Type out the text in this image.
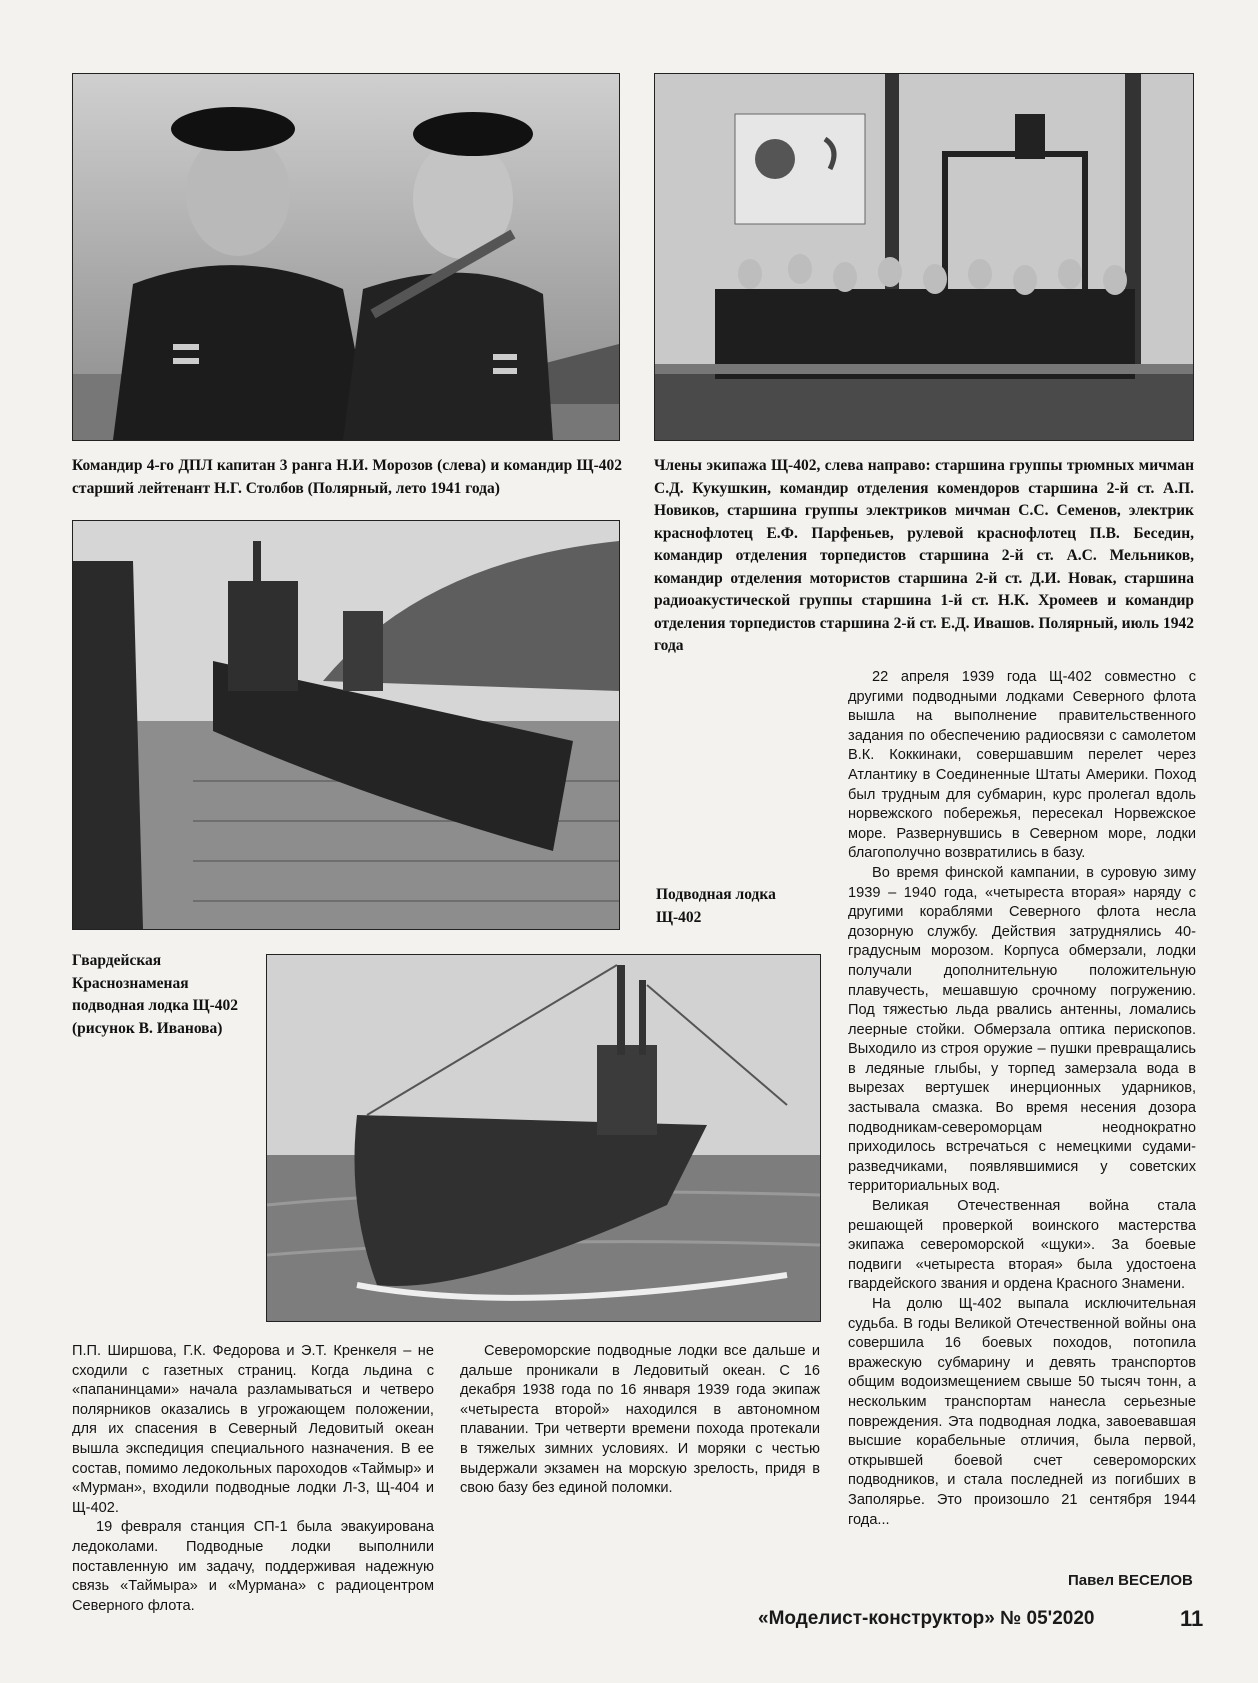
Командир 4-го ДПЛ капитан 3 ранга Н.И. Морозов (слева) и командир Щ-402 старший лейтенант Н.Г. Столбов (Полярный, лето 1941 года)
Члены экипажа Щ-402, слева направо: старшина группы трюмных мичман С.Д. Кукушкин, командир отделения комендоров старшина 2-й ст. А.П. Новиков, старшина группы электриков мичман С.С. Семенов, электрик краснофлотец Е.Ф. Парфеньев, рулевой краснофлотец П.В. Беседин, командир отделения торпедистов старшина 2-й ст. А.С. Мельников, командир отделения мотористов старшина 2-й ст. Д.И. Новак, старшина радиоакустической группы старшина 1-й ст. Н.К. Хромеев и командир отделения торпедистов старшина 2-й ст. Е.Д. Ивашов. Полярный, июль 1942 года
Подводная лодка Щ-402
Гвардейская Краснознаменая подводная лодка Щ-402 (рисунок В. Иванова)

22 апреля 1939 года Щ-402 совместно с другими подводными лодками Северного флота вышла на выполнение правительственного задания по обеспечению радиосвязи с самолетом В.К. Коккинаки, совершавшим перелет через Атлантику в Соединенные Штаты Америки. Поход был трудным для субмарин, курс пролегал вдоль норвежского побережья, пересекал Норвежское море. Развернувшись в Северном море, лодки благополучно возвратились в базу.

Во время финской кампании, в суровую зиму 1939 – 1940 года, «четыреста вторая» наряду с другими кораблями Северного флота несла дозорную службу. Действия затруднялись 40-градусным морозом. Корпуса обмерзали, лодки получали дополнительную положительную плавучесть, мешавшую срочному погружению. Под тяжестью льда рвались антенны, ломались леерные стойки. Обмерзала оптика перископов. Выходило из строя оружие – пушки превращались в ледяные глыбы, у торпед замерзала вода в вырезах вертушек инерционных ударников, застывала смазка. Во время несения дозора подводникам-североморцам неоднократно приходилось встречаться с немецкими судами-разведчиками, появлявшимися у советских территориальных вод.

Великая Отечественная война стала решающей проверкой воинского мастерства экипажа североморской «щуки». За боевые подвиги «четыреста вторая» была удостоена гвардейского звания и ордена Красного Знамени.

На долю Щ-402 выпала исключительная судьба. В годы Великой Отечественной войны она совершила 16 боевых походов, потопила вражескую субмарину и девять транспортов общим водоизмещением свыше 50 тысяч тонн, а нескольким транспортам нанесла серьезные повреждения. Эта подводная лодка, завоевавшая высшие корабельные отличия, была первой, открывшей боевой счет североморских подводников, и стала последней из погибших в Заполярье. Это произошло 21 сентября 1944 года...

П.П. Ширшова, Г.К. Федорова и Э.Т. Кренкеля – не сходили с газетных страниц. Когда льдина с «папанинцами» начала разламываться и четверо полярников оказались в угрожающем положении, для их спасения в Северный Ледовитый океан вышла экспедиция специального назначения. В ее состав, помимо ледокольных пароходов «Таймыр» и «Мурман», входили подводные лодки Л-3, Щ-404 и Щ-402.

19 февраля станция СП-1 была эвакуирована ледоколами. Подводные лодки выполнили поставленную им задачу, поддерживая надежную связь «Таймыра» и «Мурмана» с радиоцентром Северного флота.

Североморские подводные лодки все дальше и дальше проникали в Ледовитый океан. С 16 декабря 1938 года по 16 января 1939 года экипаж «четыреста второй» находился в автономном плавании. Три четверти времени похода протекали в тяжелых зимних условиях. И моряки с честью выдержали экзамен на морскую зрелость, придя в свою базу без единой поломки.

Павел ВЕСЕЛОВ
«Моделист-конструктор» № 05'2020	11
